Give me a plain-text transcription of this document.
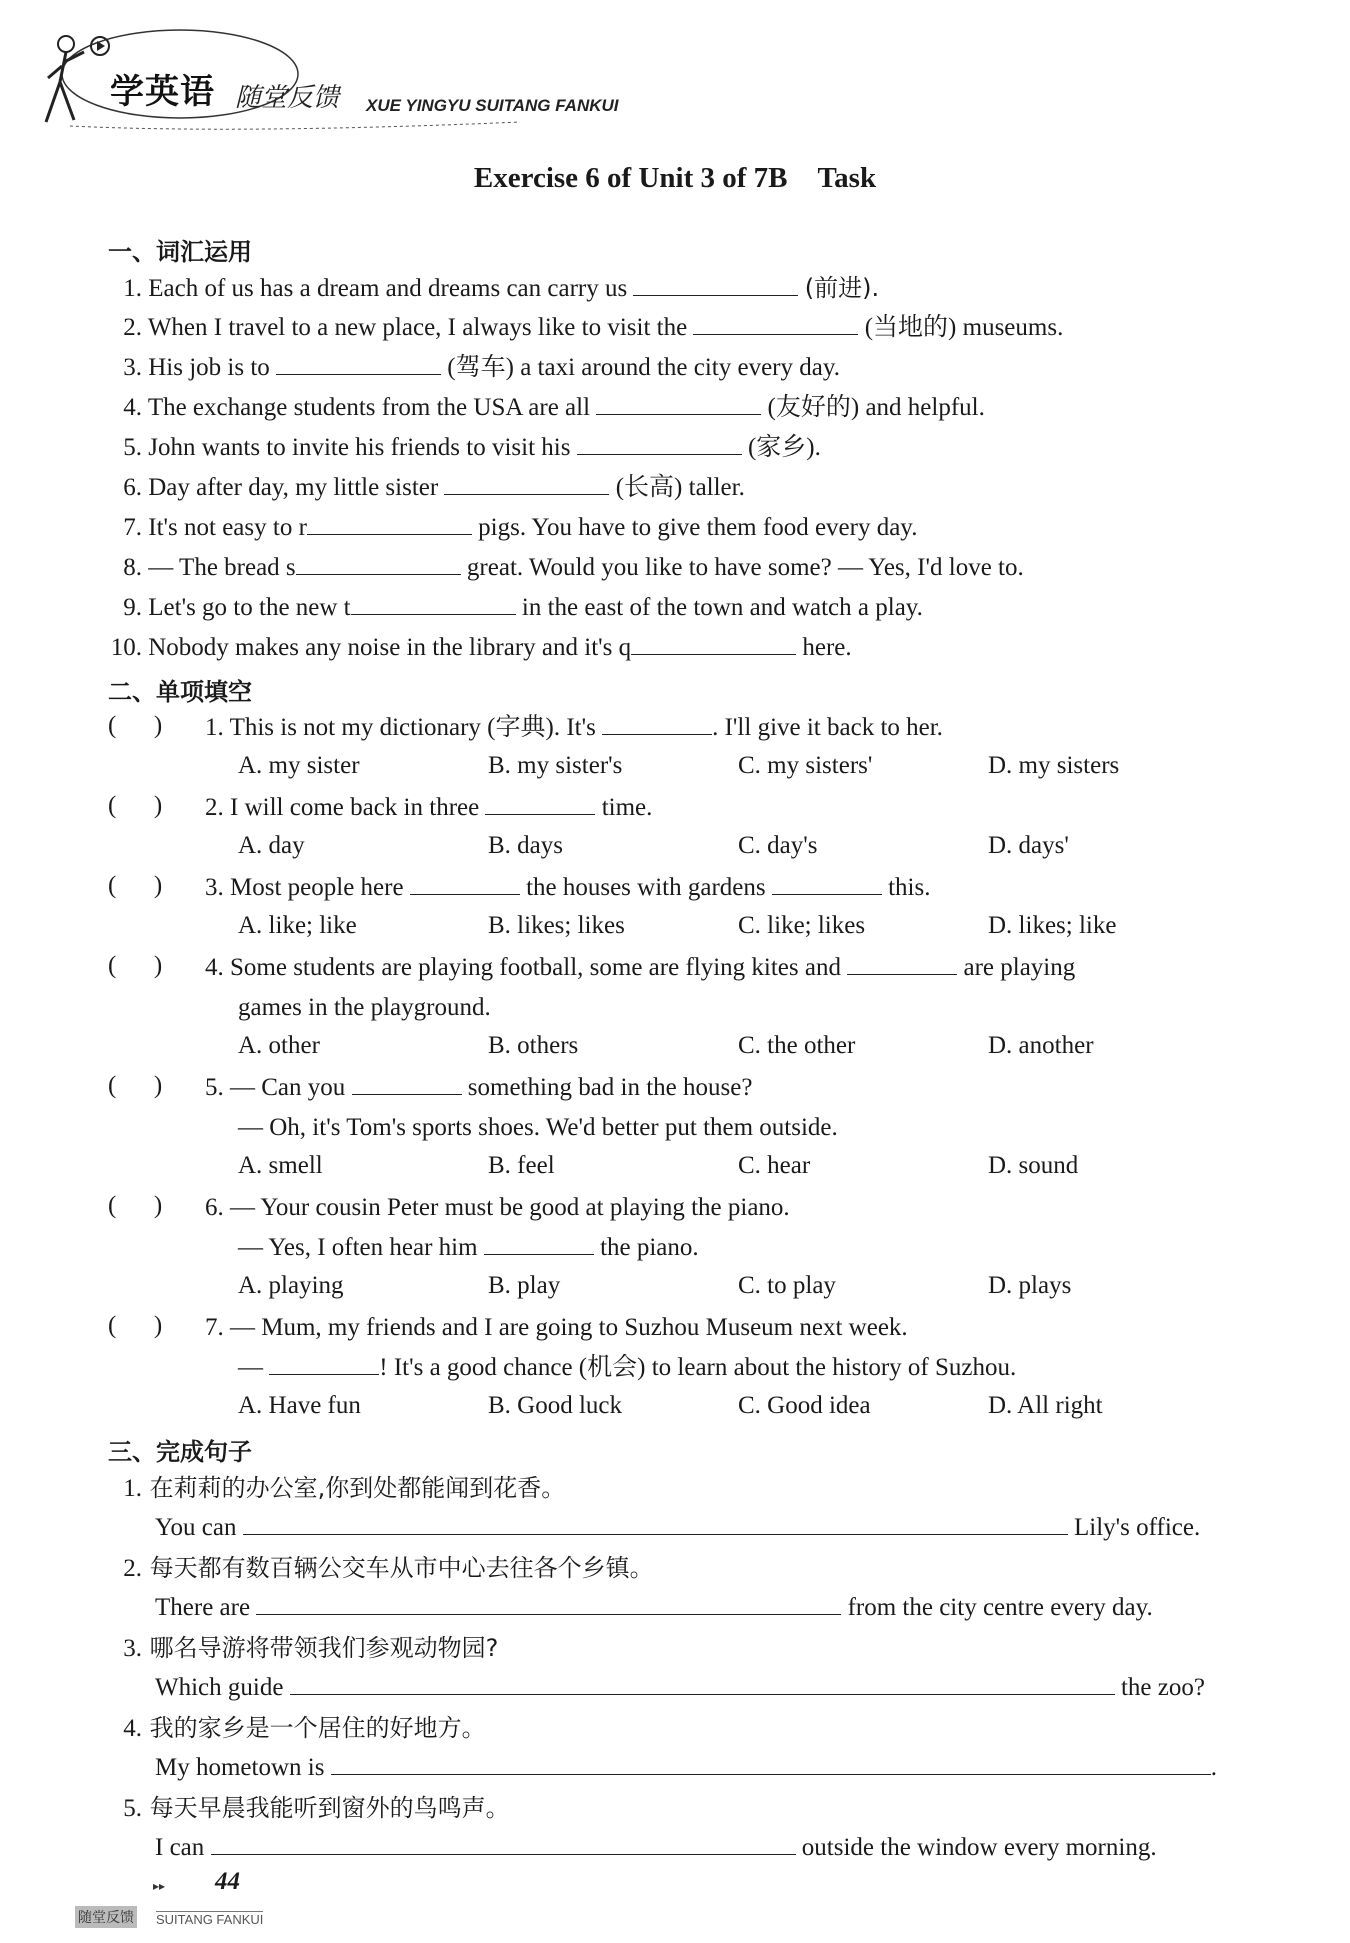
学英语 随堂反馈 XUE YINGYU SUITANG FANKUI
Exercise 6 of Unit 3 of 7B Task
一、词汇运用
1. Each of us has a dream and dreams can carry us	(前进).
2. When I travel to a new place, I always like to visit the	(当地的) museums.
3. His job is to	(驾车) a taxi around the city every day.
4. The exchange students from the USA are all	(友好的) and helpful.
5. John wants to invite his friends to visit his	(家乡).
6. Day after day, my little sister	(长高) taller.
7. It's not easy to r	pigs. You have to give them food every day.
8. — The bread s	great. Would you like to have some? — Yes, I'd love to.
9. Let's go to the new t	in the east of the town and watch a play.
10. Nobody makes any noise in the library and it's q	here.
二、单项填空
(      ) 1. This is not my dictionary (字典). It's	. I'll give it back to her.
A. my sister	B. my sister's	C. my sisters'	D. my sisters
(      ) 2. I will come back in three	time.
A. day	B. days	C. day's	D. days'
(      ) 3. Most people here	the houses with gardens	this.
A. like; like	B. likes; likes	C. like; likes	D. likes; like
(      ) 4. Some students are playing football, some are flying kites and	are playing
games in the playground.
A. other	B. others	C. the other	D. another
(      ) 5. — Can you	something bad in the house?
— Oh, it's Tom's sports shoes. We'd better put them outside.
A. smell	B. feel	C. hear	D. sound
(      ) 6. — Your cousin Peter must be good at playing the piano.
— Yes, I often hear him	the piano.
A. playing	B. play	C. to play	D. plays
(      ) 7. — Mum, my friends and I are going to Suzhou Museum next week.
—	! It's a good chance (机会) to learn about the history of Suzhou.
A. Have fun	B. Good luck	C. Good idea	D. All right
三、完成句子
1. 在莉莉的办公室,你到处都能闻到花香。
You can	Lily's office.
2. 每天都有数百辆公交车从市中心去往各个乡镇。
There are	from the city centre every day.
3. 哪名导游将带领我们参观动物园?
Which guide	the zoo?
4. 我的家乡是一个居住的好地方。
My hometown is	.
5. 每天早晨我能听到窗外的鸟鸣声。
I can	outside the window every morning.
▸▸ 44
随堂反馈 SUITANG FANKUI
